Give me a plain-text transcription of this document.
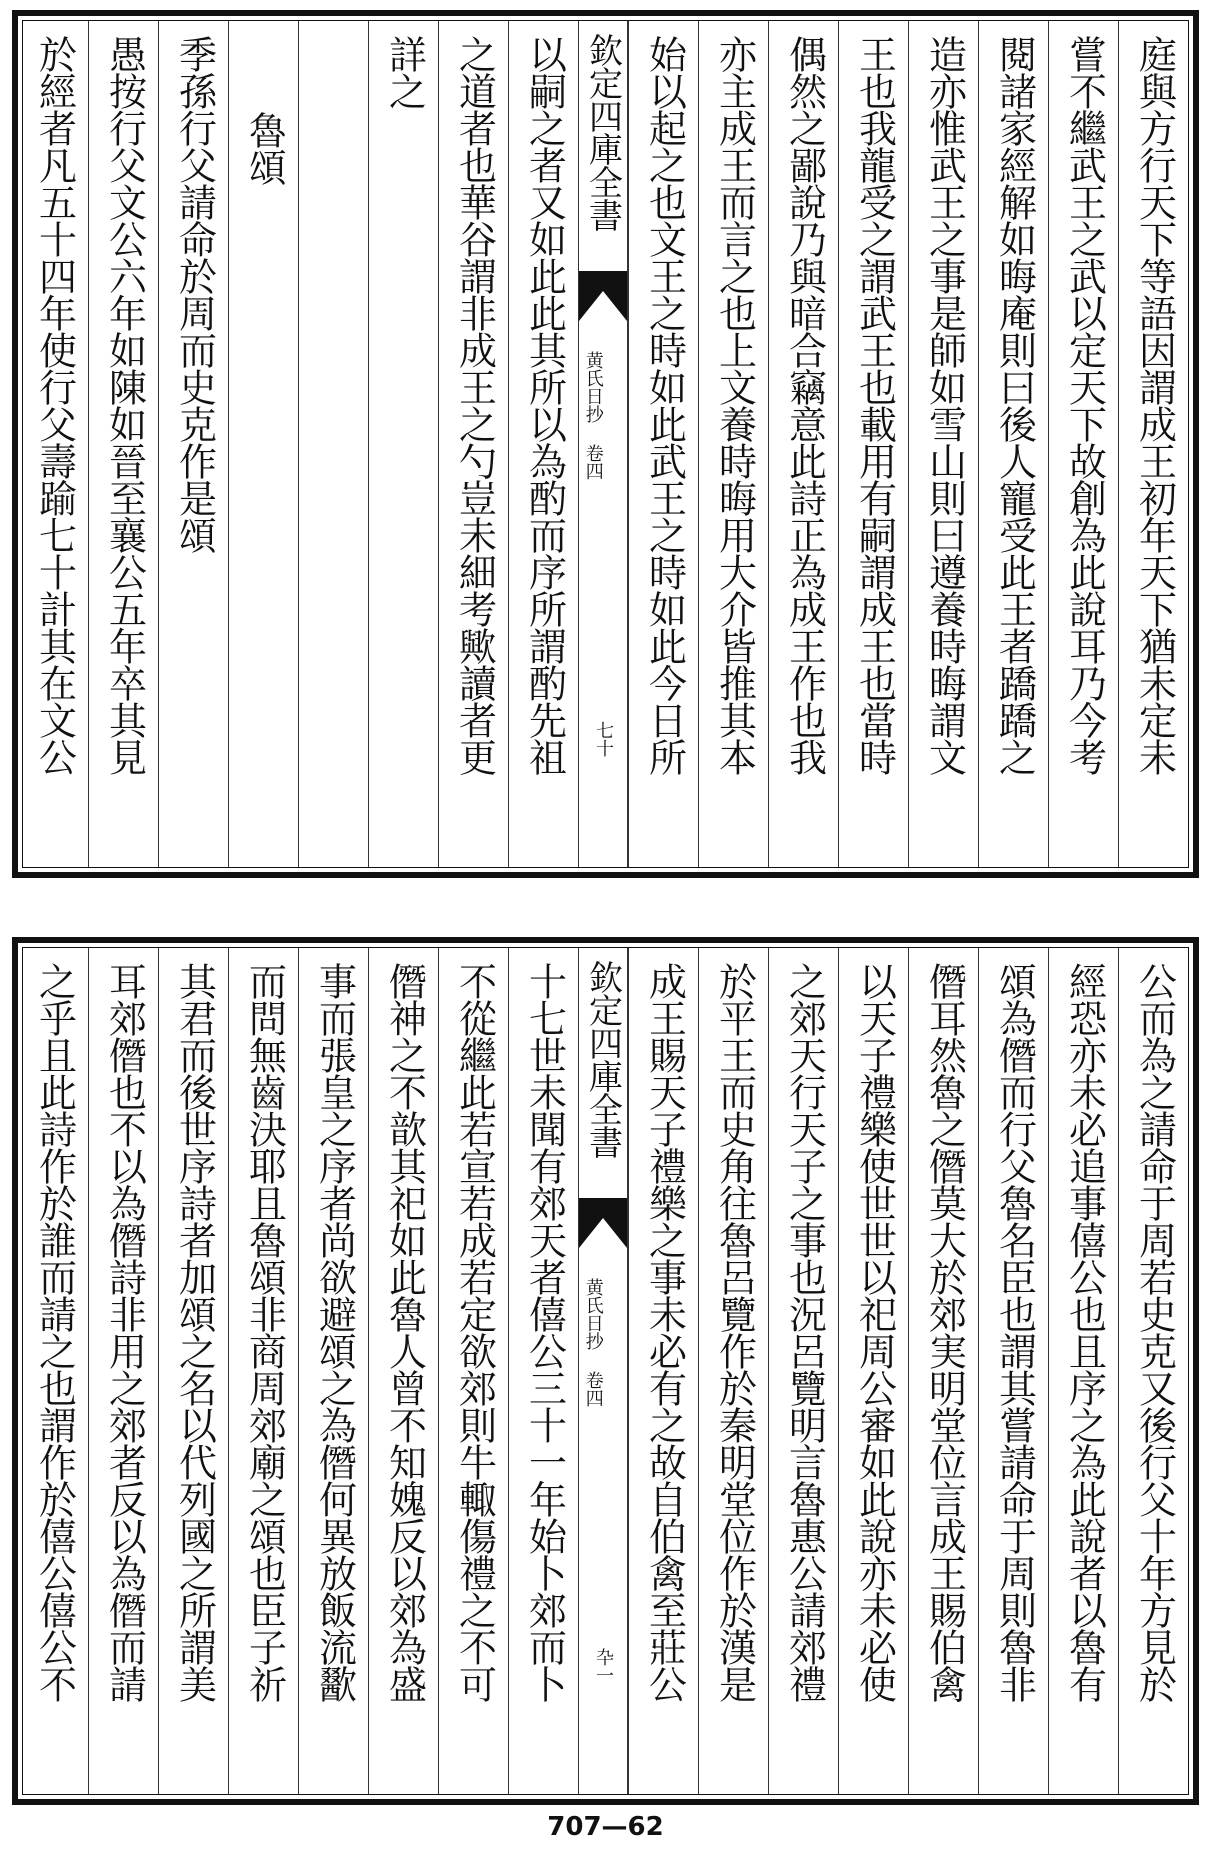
庭與方行天下等語因謂成王初年天下猶未定未
嘗不繼武王之武以定天下故創為此說耳乃今考
閱諸家經解如晦庵則曰後人寵受此王者蹻蹻之
造亦惟武王之事是師如雪山則曰遵養時晦謂文
王也我龍受之謂武王也載用有嗣謂成王也當時
偶然之鄙說乃與暗合竊意此詩正為成王作也我
亦主成王而言之也上文養時晦用大介皆推其本
始以起之也文王之時如此武王之時如此今日所
欽定四庫全書
黄氏日抄 卷四
七十
以嗣之者又如此此其所以為酌而序所謂酌先祖
之道者也華谷謂非成王之勺豈未細考歟讀者更
詳之
魯頌
季孫行父請命於周而史克作是頌
愚按行父文公六年如陳如晉至襄公五年卒其見
於經者凡五十四年使行父壽踰七十計其在文公
公而為之請命于周若史克又後行父十年方見於
經恐亦未必追事僖公也且序之為此說者以魯有
頌為僭而行父魯名臣也謂其嘗請命于周則魯非
僭耳然魯之僭莫大於郊実明堂位言成王賜伯禽
以天子禮樂使世世以祀周公審如此說亦未必使
之郊天行天子之事也況呂覽明言魯惠公請郊禮
於平王而史角往魯呂覽作於秦明堂位作於漢是
成王賜天子禮樂之事未必有之故自伯禽至莊公
欽定四庫全書
黄氏日抄 卷四
卆一
十七世未聞有郊天者僖公三十一年始卜郊而卜
不從繼此若宣若成若定欲郊則牛輙傷禮之不可
僭神之不歆其祀如此魯人曾不知媿反以郊為盛
事而張皇之序者尚欲避頌之為僭何異放飯流歠
而問無齒決耶且魯頌非商周郊廟之頌也臣子祈
其君而後世序詩者加頌之名以代列國之所謂美
耳郊僭也不以為僭詩非用之郊者反以為僭而請
之乎且此詩作於誰而請之也謂作於僖公僖公不
707—62
